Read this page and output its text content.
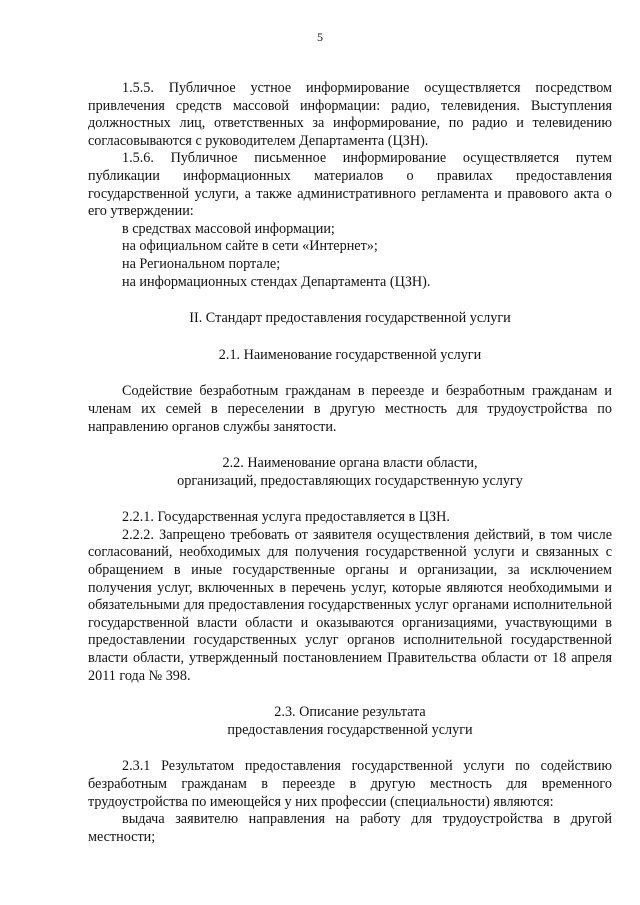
5

1.5.5. Публичное устное информирование осуществляется посредством привлечения средств массовой информации: радио, телевидения. Выступления должностных лиц, ответственных за информирование, по радио и телевидению согласовываются с руководителем Департамента (ЦЗН).

1.5.6. Публичное письменное информирование осуществляется путем публикации информационных материалов о правилах предоставления государственной услуги, а также административного регламента и правового акта о его утверждении:

в средствах массовой информации;

на официальном сайте в сети «Интернет»;

на Региональном портале;

на информационных стендах Департамента (ЦЗН).

II. Стандарт предоставления государственной услуги

2.1. Наименование государственной услуги

Содействие безработным гражданам в переезде и безработным гражданам и членам их семей в переселении в другую местность для трудоустройства по направлению органов службы занятости.

2.2. Наименование органа власти области,

организаций, предоставляющих государственную услугу

2.2.1. Государственная услуга предоставляется в ЦЗН.

2.2.2. Запрещено требовать от заявителя осуществления действий, в том числе согласований, необходимых для получения государственной услуги и связанных с обращением в иные государственные органы и организации, за исключением получения услуг, включенных в перечень услуг, которые являются необходимыми и обязательными для предоставления государственных услуг органами исполнительной государственной власти области и оказываются организациями, участвующими в предоставлении государственных услуг органов исполнительной государственной власти области, утвержденный постановлением Правительства области от 18 апреля 2011 года № 398.

2.3. Описание результата

предоставления государственной услуги

2.3.1 Результатом предоставления государственной услуги по содействию безработным гражданам в переезде в другую местность для временного трудоустройства по имеющейся у них профессии (специальности) являются:

выдача заявителю направления на работу для трудоустройства в другой местности;
